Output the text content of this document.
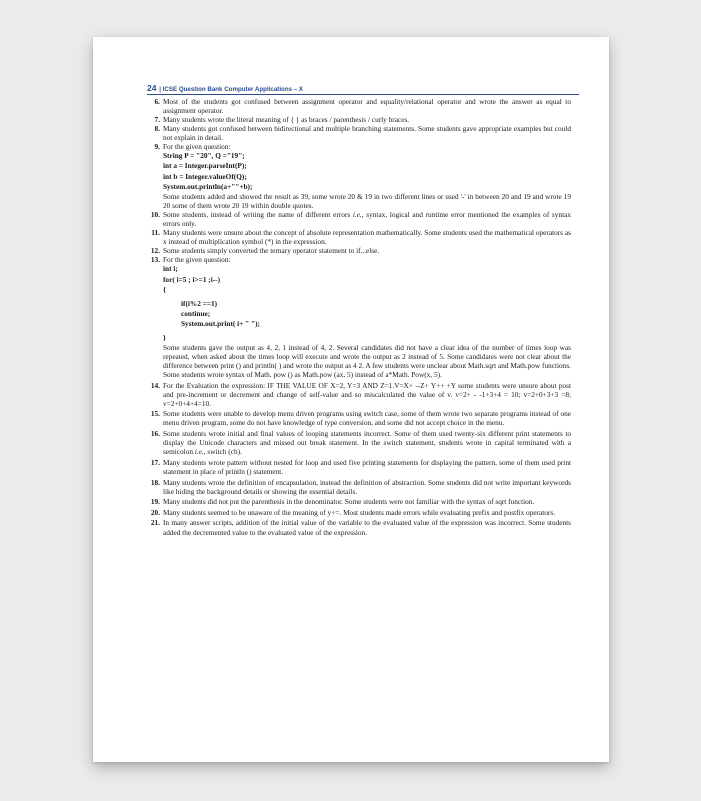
24 | ICSE Question Bank Computer Applications – X
6. Most of the students got confused between assignment operator and equality/relational operator and wrote the answer as equal to assignment operator.
7. Many students wrote the literal meaning of { } as braces / parenthesis / curly braces.
8. Many students got confused between bidirectional and multiple branching statements. Some students gave appropriate examples but could not explain in detail.
9. For the given question:
String P = "20", Q ="19";
int a = Integer.parseInt(P);
int b = Integer.valueOf(Q);
System.out.println(a+""+b);
Some students added and showed the result as 39, some wrote 20 & 19 in two different lines or used '-' in between 20 and 19 and wrote 19 20 some of them wrote 20 19 within double quotes.
10. Some students, instead of writing the name of different errors i.e., syntax, logical and runtime error mentioned the examples of syntax errors only.
11. Many students were unsure about the concept of absolute representation mathematically. Some students used the mathematical operators as x instead of multiplication symbol (*) in the expression.
12. Some students simply converted the ternary operator statement to if...else.
13. For the given question:
int i;
for( i=5 ; i>=1 ;i--)
{
if(i%2 ==1)
continue;
System.out.print( i+ " ");
}
Some students gave the output as 4, 2, 1 instead of 4, 2. Several candidates did not have a clear idea of the number of times loop was repeated, when asked about the times loop will execute and wrote the output as 2 instead of 5. Some candidates were not clear about the difference between print () and println( ) and wrote the output as 4 2. A few students were unclear about Math.sqrt and Math.pow functions. Some students wrote syntax of Math. pow () as Math.pow (ax, 5) instead of a*Math. Pow(x, 5).
14. For the Evaluation the expression: IF THE VALUE OF X=2, Y=3 AND Z=1.V=X+ --Z+ Y++ +Y some students were unsure about post and pre-increment or decrement and change of self-value and so miscalculated the value of v. v=2+ - -1+3+4 = 10; v=2+0+3+3 =8; v=2+0+4+4=10.
15. Some students were unable to develop menu driven programs using switch case, some of them wrote two separate programs instead of one menu driven program, some do not have knowledge of type conversion, and some did not accept choice in the menu.
16. Some students wrote initial and final values of looping statements incorrect. Some of them used twenty-six different print statements to display the Unicode characters and missed out break statement. In the switch statement, students wrote in capital terminated with a semicolon i.e., switch (ch).
17. Many students wrote pattern without nested for loop and used five printing statements for displaying the pattern, some of them used print statement in place of println () statement.
18. Many students wrote the definition of encapsulation, instead the definition of abstraction. Some students did not write important keywords like hiding the background details or showing the essential details.
19. Many students did not put the parenthesis in the denominator. Some students were not familiar with the syntax of sqrt function.
20. Many students seemed to be unaware of the meaning of y+=. Most students made errors while evaluating prefix and postfix operators.
21. In many answer scripts, addition of the initial value of the variable to the evaluated value of the expression was incorrect. Some students added the decremented value to the evaluated value of the expression.
